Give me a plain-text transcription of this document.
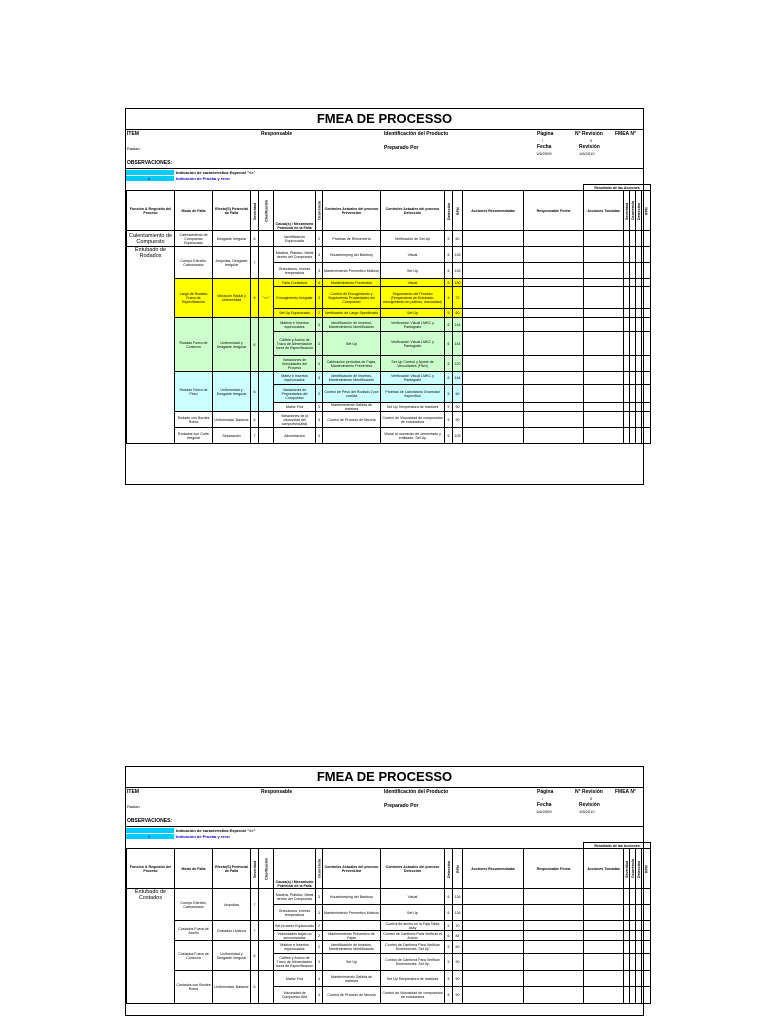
FMEA DE PROCESSO
ÍTEM	Responsable	Identificación del Producto	Página
/
N° Revisión
0
FMEA N°
Rastan	Preparado Por	Fecha	Revisión
1/6/2009	1/6/2010
OBSERVACIONES:
Indicación de característica Especial "<>"
#	Indicación de Prueba y error
													Resultado de las Acciones				
Función & Requisito del Proceso	Modo de Falla	Efecto(S) Potencial de Falla	Severidad	Clasificación	Causa(s) / Mecanismo Potencial de la Falla	Ocurrencia	Controles Actuales del proceso Prevención	Controles Actuales del proceso Detección	Detección	RPN	Acciones Recomendadas	Responsable Fecha	Acciones Tomadas	Severidad	Ocurrencia	Detección	RPN
Calentamiento de Compuesto	Calentamiento de Compuesto Equivocado	Desgaste Irregular	6		Identificación Equivocada	2	Pruebas de Rheometría	Verificación de Set Up	5	60							
Entubado de Rodados	Cuerpo Extraño, Carbonizado	Ampollas, Desgaste Irregular	7		Madera, Plástico, Metal dentro del Compuesto	3	Housekeeping del Banbury	Visual	6	126							
					Gránulosos, exceso temperatura	3	Mantenimiento Preventivo Molinos	Set Up	6	126							
	Largo de Rodado Fuera de Especificación	Vibración Radial y Uniformidad	6	"<>"	Falla Cortadora	4	Mantenimiento Preventivo	Visual	6	150							
					Encogimiento Irregular	3	Control de Encogimiento y Seguimiento Propiedades del Compuesto	Seguimiento del Proceso (Temperatura de Entubado, encogimiento en polines, viscosidad)	4	72							
					Set Up Equivocado	2	Verificación de Largo Specificado	Set Up	5	60							
	Rodado Fuera de Contorno	Uniformidad y Desgaste Irregular	6		Matrice e Insertos equivocados	3	Identificación de Insertos, Mantenimiento Identificación	Verificación Visual LMKC y Pantógrafo	6	144							
					Calibre y Ancho de Trazo de Alimentación fuera de Especificación	3	Set Up	Verificación Visual LMKC y Pantógrafo	6	144							
					Variaciones de Velocidades del Proceso	4	Calibración periódica de Fajas, Mantenimiento Preventivo	Set Up Control y Ajuste de Velocidades (Fitch)	5	120							
	Rodado Fuera de Peso	Uniformidad y Desgaste Irregular	6		Matriz e Insertos equivocados	3	Identificación de Insertos, Mantenimiento Identificación	Verificación Visual LMKC y Pantógrafo	6	144							
					Variaciones de Propiedades del Compuesto	2	Control de Peso del Rodado 2 por corrida	Pruebas de Laboratorio Gravedad específica	5	60							
					Matriz Fría	3	Mantenimiento Galleta de matrices	Set Up Temperatura de matrices	5	90							
	Rodado con Bordes Rotos	Uniformidad, Balance	6		Variaciones de la viscosidad del compuesto(alta)	3	Control de Proceso de Mezcla	Control de Viscosidad de compuestos de entubadora	5	90							
	Rodados con Corte Irregular	Separación	7		Alimentación	3		Visual al momento del cementado y entibiado. Set Up	5	105							
FMEA DE PROCESSO
ÍTEM	Responsable	Identificación del Producto	Página
/
N° Revisión
0
FMEA N°
Rastan	Preparado Por	Fecha	Revisión
1/6/2009	1/6/2010
OBSERVACIONES:
Indicación de característica Especial "<>"
#	Indicación de Prueba y error
													Resultado de las Acciones				
Función & Requisito del Proceso	Modo de Falla	Efecto(S) Potencial de Falla	Severidad	Clasificación	Causa(s) / Mecanismo Potencial de la Falla	Ocurrencia	Controles Actuales del proceso Prevención	Controles Actuales del proceso Detección	Detección	RPN	Acciones Recomendadas	Responsable Fecha	Acciones Tomadas	Severidad	Ocurrencia	Detección	RPN
Entubado de Costados	Cuerpo Extraño, Carbonizado	Ampollas	7		Madera, Plástico, Metal dentro del Compuesto	3	Housekeeping del Banbury	Visual	6	126							
					Granulosos, exceso temperatura	3	Mantenimiento Preventivo Molinos	Set Up	6	126							
	Costados Fuera de Ancho	Costados Livianos	7		Set proceso Equivocado	2		Control de ancho en la Faja Tabla Assy	5	70							
					Velocidades bajas no sincronizadas	2	Mantenimiento Preventivo de Fajas	Control de Cantimra Para Verificar el Ancho	6	84							
	Costados Fuera de Contorno	Uniformidad y Desgaste Irregular	6		Matrice e Insertos equivocados	2	Identificación de Insertos, Mantenimiento Identificación	Control de Cantimra Para Verificar Dimensiones. Set Up	5	60							
					Calibre y Ancho de Trazo de Alimentación fuera de Especificación	3	Set Up	Control de Cantimra Para Verificar Dimensiones. Set Up	5	90							
	Costados con Bordes Rotos	Uniformidad, Balance	6		Matriz Fría	3	Mantenimiento Galleta de matrices	Set Up Temperatura de matrices	5	90							
					Viscosidad de Compuesto Alta	3	Control de Proceso de Mezcla	Control de Viscosidad de compuestos de entubadora	5	90							
